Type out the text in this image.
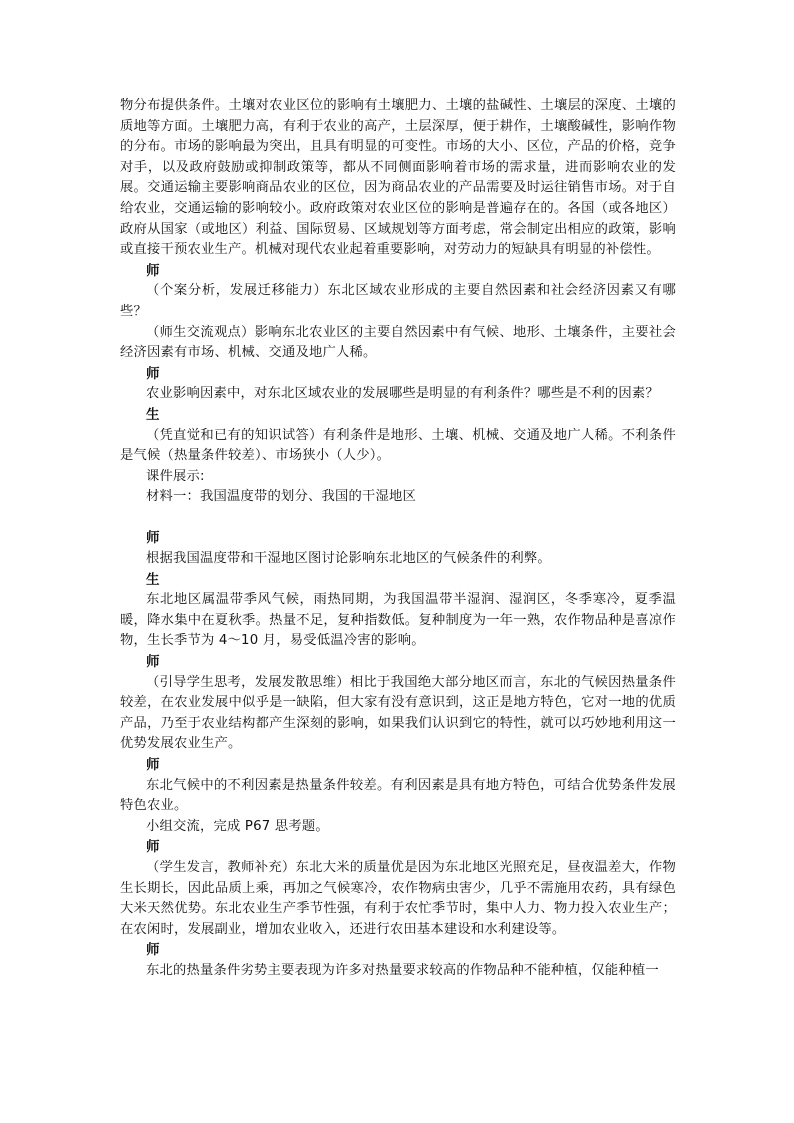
物分布提供条件。土壤对农业区位的影响有土壤肥力、土壤的盐碱性、土壤层的深度、土壤的质地等方面。土壤肥力高，有利于农业的高产，土层深厚，便于耕作，土壤酸碱性，影响作物的分布。市场的影响最为突出，且具有明显的可变性。市场的大小、区位，产品的价格，竞争对手，以及政府鼓励或抑制政策等，都从不同侧面影响着市场的需求量，进而影响农业的发展。交通运输主要影响商品农业的区位，因为商品农业的产品需要及时运往销售市场。对于自给农业，交通运输的影响较小。政府政策对农业区位的影响是普遍存在的。各国（或各地区）政府从国家（或地区）利益、国际贸易、区域规划等方面考虑，常会制定出相应的政策，影响或直接干预农业生产。机械对现代农业起着重要影响，对劳动力的短缺具有明显的补偿性。

师

（个案分析，发展迁移能力）东北区域农业形成的主要自然因素和社会经济因素又有哪些？

（师生交流观点）影响东北农业区的主要自然因素中有气候、地形、土壤条件，主要社会经济因素有市场、机械、交通及地广人稀。

师

农业影响因素中，对东北区域农业的发展哪些是明显的有利条件？哪些是不利的因素？

生

（凭直觉和已有的知识试答）有利条件是地形、土壤、机械、交通及地广人稀。不利条件是气候（热量条件较差）、市场狭小（人少）。

课件展示:

材料一：我国温度带的划分、我国的干湿地区

师

根据我国温度带和干湿地区图讨论影响东北地区的气候条件的利弊。

生

东北地区属温带季风气候，雨热同期，为我国温带半湿润、湿润区，冬季寒冷，夏季温暖，降水集中在夏秋季。热量不足，复种指数低。复种制度为一年一熟，农作物品种是喜凉作物，生长季节为 4～10 月，易受低温冷害的影响。

师

（引导学生思考，发展发散思维）相比于我国绝大部分地区而言，东北的气候因热量条件较差，在农业发展中似乎是一缺陷，但大家有没有意识到，这正是地方特色，它对一地的优质产品，乃至于农业结构都产生深刻的影响，如果我们认识到它的特性，就可以巧妙地利用这一优势发展农业生产。

师

东北气候中的不利因素是热量条件较差。有利因素是具有地方特色，可结合优势条件发展特色农业。

小组交流，完成 P67 思考题。

师

（学生发言，教师补充）东北大米的质量优是因为东北地区光照充足，昼夜温差大，作物生长期长，因此品质上乘，再加之气候寒冷，农作物病虫害少，几乎不需施用农药，具有绿色大米天然优势。东北农业生产季节性强，有利于农忙季节时，集中人力、物力投入农业生产；在农闲时，发展副业，增加农业收入，还进行农田基本建设和水利建设等。

师

东北的热量条件劣势主要表现为许多对热量要求较高的作物品种不能种植，仅能种植一
